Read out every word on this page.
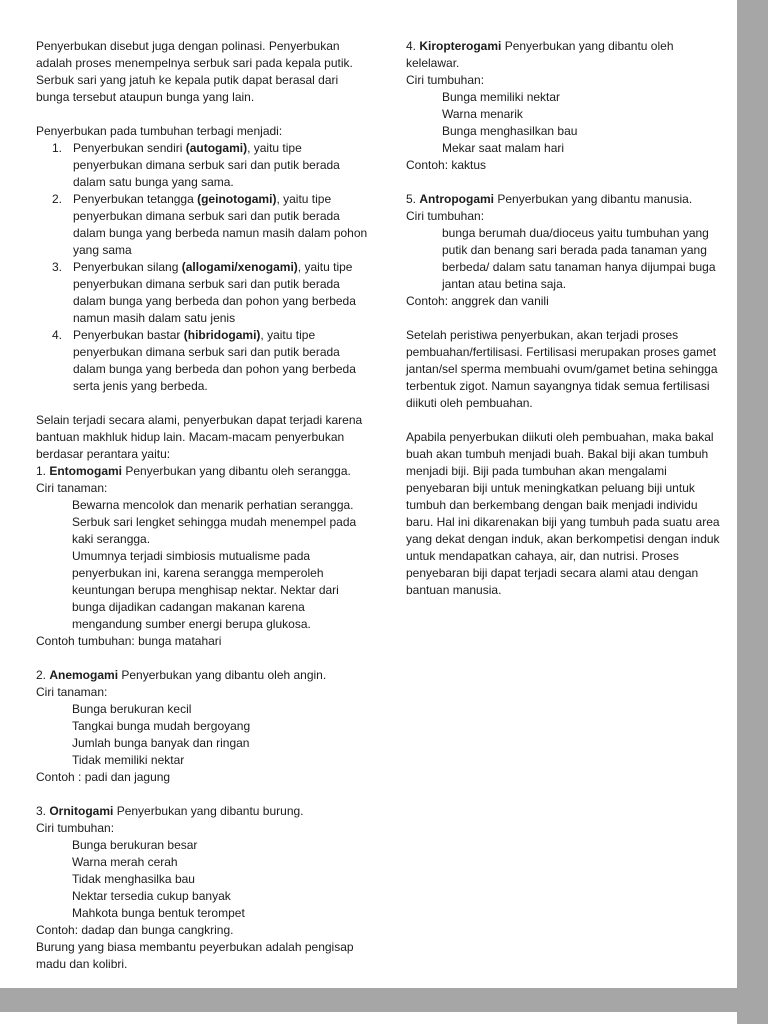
Penyerbukan disebut juga dengan polinasi. Penyerbukan adalah proses menempelnya serbuk sari pada kepala putik. Serbuk sari yang jatuh ke kepala putik dapat berasal dari bunga tersebut ataupun bunga yang lain.
Penyerbukan pada tumbuhan terbagi menjadi:
1. Penyerbukan sendiri (autogami), yaitu tipe penyerbukan dimana serbuk sari dan putik berada dalam satu bunga yang sama.
2. Penyerbukan tetangga (geinotogami), yaitu tipe penyerbukan dimana serbuk sari dan putik berada dalam bunga yang berbeda namun masih dalam pohon yang sama
3. Penyerbukan silang (allogami/xenogami), yaitu tipe penyerbukan dimana serbuk sari dan putik berada dalam bunga yang berbeda dan pohon yang berbeda namun masih dalam satu jenis
4. Penyerbukan bastar (hibridogami), yaitu tipe penyerbukan dimana serbuk sari dan putik berada dalam bunga yang berbeda dan pohon yang berbeda serta jenis yang berbeda.
Selain terjadi secara alami, penyerbukan dapat terjadi karena bantuan makhluk hidup lain. Macam-macam penyerbukan berdasar perantara yaitu:
1. Entomogami Penyerbukan yang dibantu oleh serangga.
Ciri tanaman:
Bewarna mencolok dan menarik perhatian serangga.
Serbuk sari lengket sehingga mudah menempel pada kaki serangga.
Umumnya terjadi simbiosis mutualisme pada penyerbukan ini, karena serangga memperoleh keuntungan berupa menghisap nektar. Nektar dari bunga dijadikan cadangan makanan karena mengandung sumber energi berupa glukosa.
Contoh tumbuhan: bunga matahari
2. Anemogami Penyerbukan yang dibantu oleh angin.
Ciri tanaman:
Bunga berukuran kecil
Tangkai bunga mudah bergoyang
Jumlah bunga banyak dan ringan
Tidak memiliki nektar
Contoh : padi dan jagung
3. Ornitogami Penyerbukan yang dibantu burung.
Ciri tumbuhan:
Bunga berukuran besar
Warna merah cerah
Tidak menghasilka bau
Nektar tersedia cukup banyak
Mahkota bunga bentuk terompet
Contoh: dadap dan bunga cangkring.
Burung yang biasa membantu peyerbukan adalah pengisap madu dan kolibri.
4. Kiropterogami Penyerbukan yang dibantu oleh kelelawar.
Ciri tumbuhan:
Bunga memiliki nektar
Warna menarik
Bunga menghasilkan bau
Mekar saat malam hari
Contoh: kaktus
5. Antropogami Penyerbukan yang dibantu manusia.
Ciri tumbuhan:
bunga berumah dua/dioceus yaitu tumbuhan yang putik dan benang sari berada pada tanaman yang berbeda/ dalam satu tanaman hanya dijumpai buga jantan atau betina saja.
Contoh: anggrek dan vanili
Setelah peristiwa penyerbukan, akan terjadi proses pembuahan/fertilisasi. Fertilisasi merupakan proses gamet jantan/sel sperma membuahi ovum/gamet betina sehingga terbentuk zigot. Namun sayangnya tidak semua fertilisasi diikuti oleh pembuahan.
Apabila penyerbukan diikuti oleh pembuahan, maka bakal buah akan tumbuh menjadi buah. Bakal biji akan tumbuh menjadi biji. Biji pada tumbuhan akan mengalami penyebaran biji untuk meningkatkan peluang biji untuk tumbuh dan berkembang dengan baik menjadi individu baru. Hal ini dikarenakan biji yang tumbuh pada suatu area yang dekat dengan induk, akan berkompetisi dengan induk untuk mendapatkan cahaya, air, dan nutrisi. Proses penyebaran biji dapat terjadi secara alami atau dengan bantuan manusia.
